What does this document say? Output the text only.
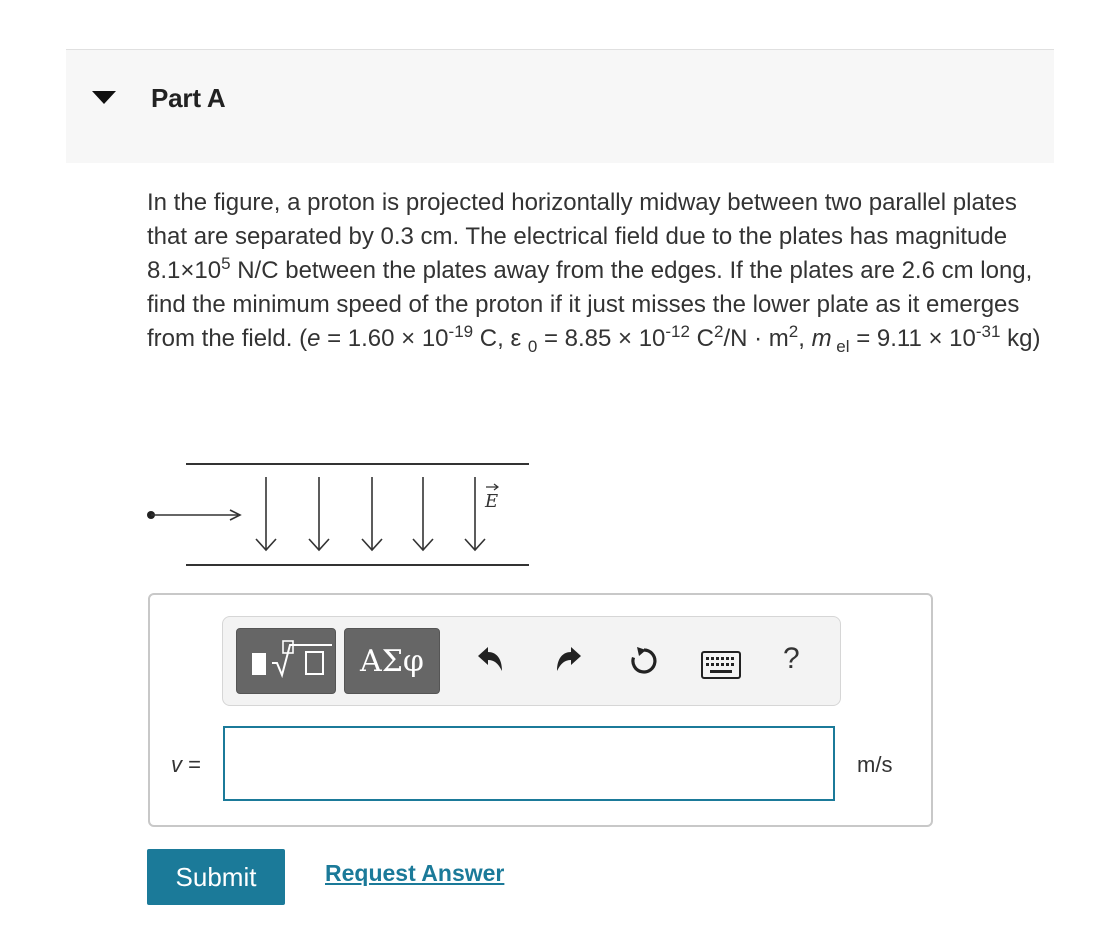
Part A
In the figure, a proton is projected horizontally midway between two parallel plates that are separated by 0.3 cm. The electrical field due to the plates has magnitude $8.1\times 10^5$ N/C between the plates away from the edges. If the plates are 2.6 cm long, find the minimum speed of the proton if it just misses the lower plate as it emerges from the field. ($e = 1.60 \times 10^{-19}$ C, ε $_0 = 8.85 \times 10^{-12}$ $C^2/N \cdot m^2$, m $_{el} = 9.11 \times 10^{-31}$ kg)
E
ΑΣφ	?
v =	m/s
Submit	Request Answer
